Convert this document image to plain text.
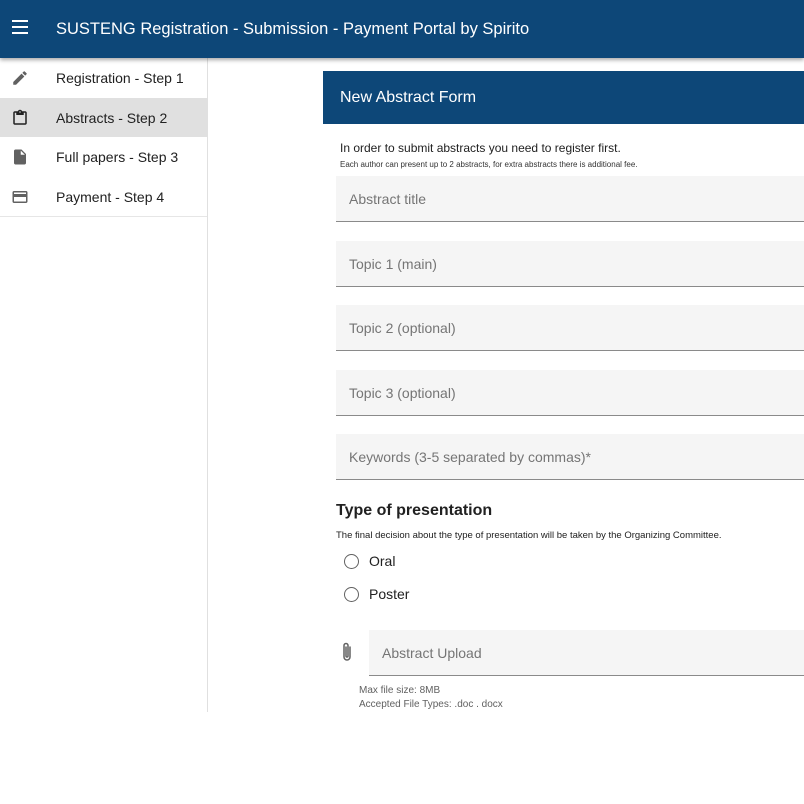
SUSTENG Registration - Submission - Payment Portal by Spirito
Registration - Step 1
Abstracts - Step 2
Full papers - Step 3
Payment - Step 4
New Abstract Form
In order to submit abstracts you need to register first.
Each author can present up to 2 abstracts, for extra abstracts there is additional fee.
Abstract title
Topic 1 (main)
Topic 2 (optional)
Topic 3 (optional)
Keywords (3-5 separated by commas)*
Type of presentation
The final decision about the type of presentation will be taken by the Organizing Committee.
Oral
Poster
Abstract Upload
Max file size: 8MB
Accepted File Types: .doc . docx
